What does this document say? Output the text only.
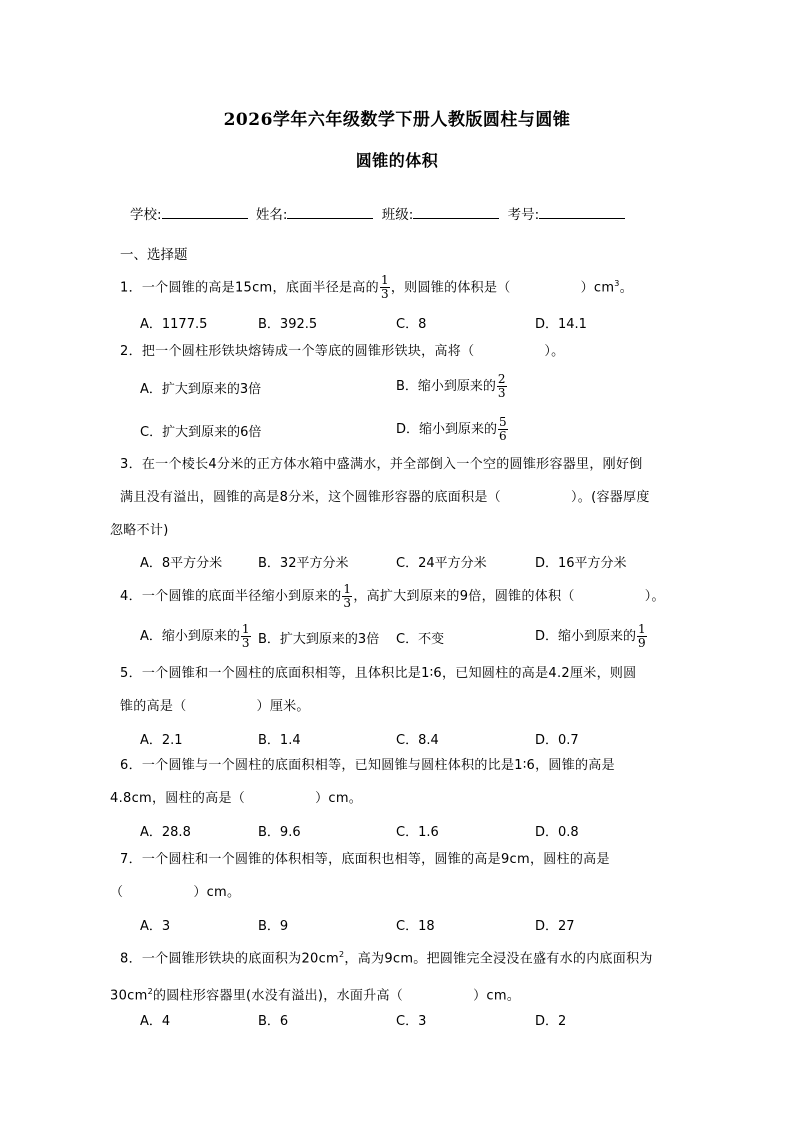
2026学年六年级数学下册人教版圆柱与圆锥
圆锥的体积
学校:	姓名:	班级:	考号:
一、选择题
1．一个圆锥的高是15cm，底面半径是高的 $\frac{1}{3}$ ，则圆锥的体积是（	）$cm^3$。
A．1177.5	B．392.5	C．8	D．14.1
2．把一个圆柱形铁块熔铸成一个等底的圆锥形铁块，高将（	）。
A．扩大到原来的3倍	B．缩小到原来的 $\frac{2}{3}$
C．扩大到原来的6倍	D．缩小到原来的 $\frac{5}{6}$
3．在一个棱长4分米的正方体水箱中盛满水，并全部倒入一个空的圆锥形容器里，刚好倒
满且没有溢出，圆锥的高是8分米，这个圆锥形容器的底面积是（	）。(容器厚度
忽略不计)
A．8平方分米	B．32平方分米	C．24平方分米	D．16平方分米
4．一个圆锥的底面半径缩小到原来的 $\frac{1}{3}$ ，高扩大到原来的9倍，圆锥的体积（	）。
A．缩小到原来的 $\frac{1}{3}$ B．扩大到原来的3倍 C．不变	D．缩小到原来的 $\frac{1}{9}$
5．一个圆锥和一个圆柱的底面积相等，且体积比是1∶6，已知圆柱的高是4.2厘米，则圆
锥的高是（	）厘米。
A．2.1	B．1.4	C．8.4	D．0.7
6．一个圆锥与一个圆柱的底面积相等，已知圆锥与圆柱体积的比是1∶6，圆锥的高是
4.8cm，圆柱的高是（	）cm。
A．28.8	B．9.6	C．1.6	D．0.8
7．一个圆柱和一个圆锥的体积相等，底面积也相等，圆锥的高是9cm，圆柱的高是
（	）cm。
A．3	B．9	C．18	D．27
8．一个圆锥形铁块的底面积为$20cm^2$，高为9cm。把圆锥完全浸没在盛有水的内底面积为
$30cm^2$的圆柱形容器里(水没有溢出)，水面升高（	）cm。
A．4	B．6	C．3	D．2
